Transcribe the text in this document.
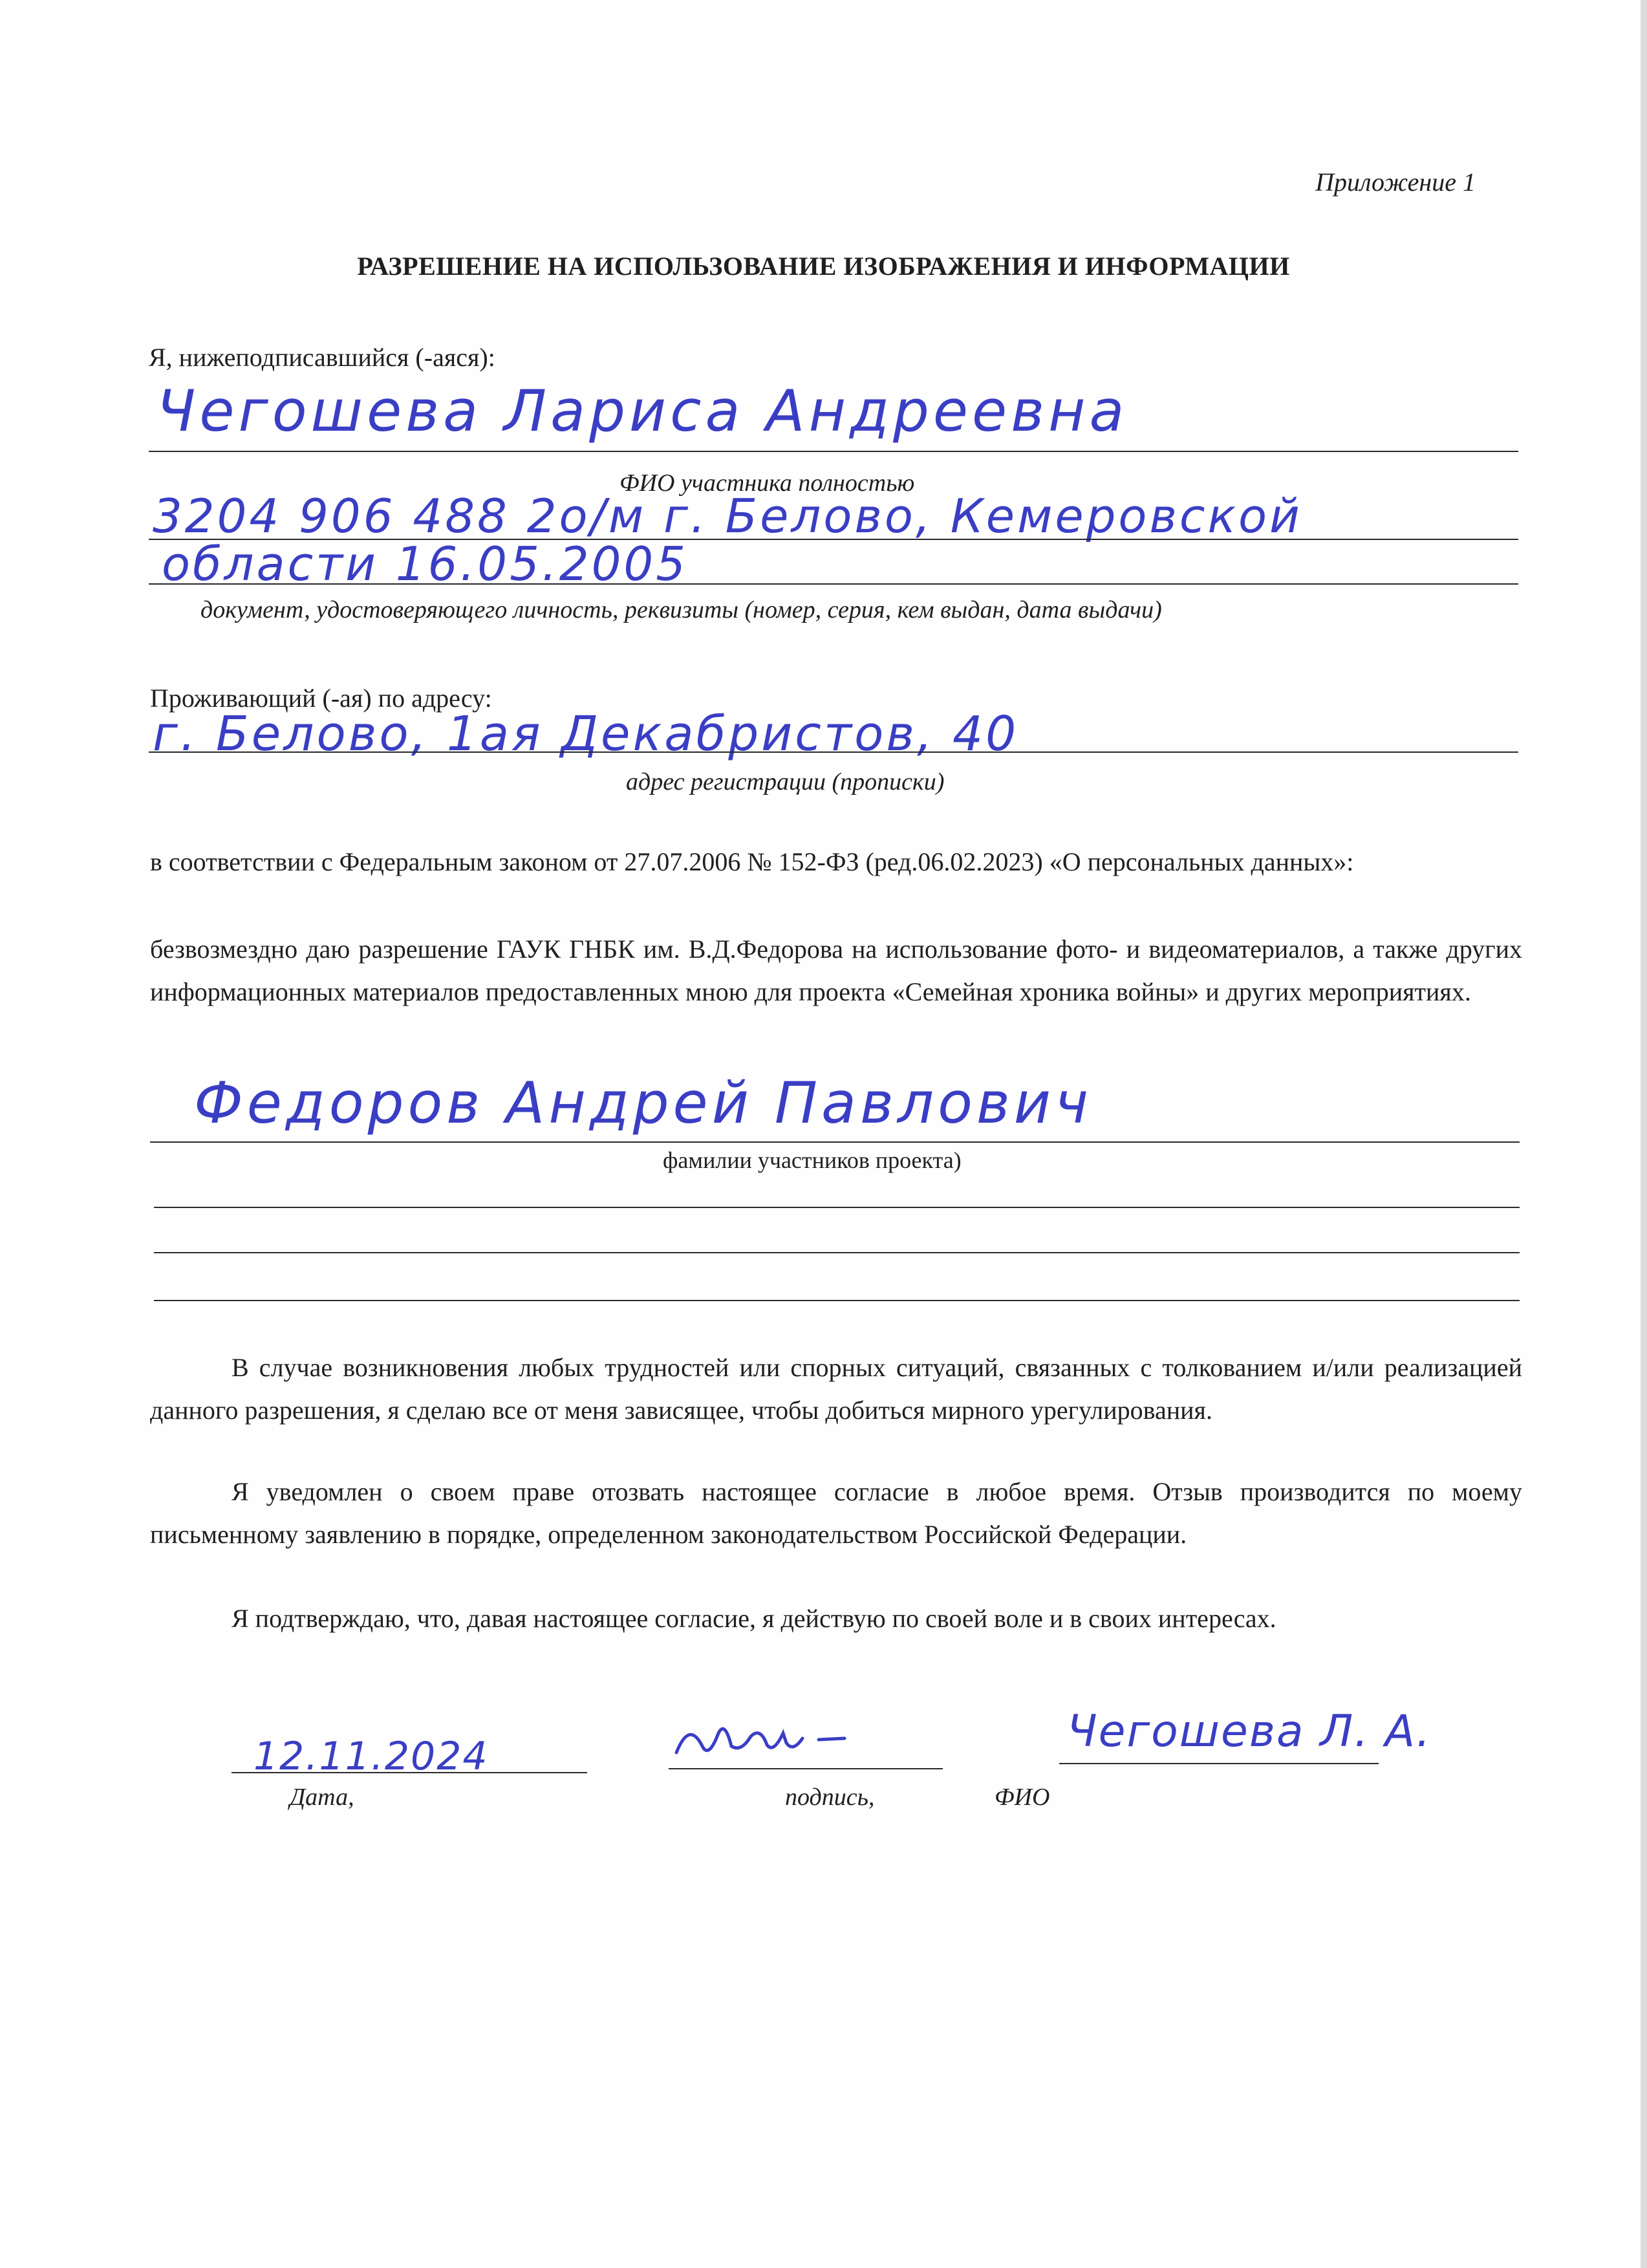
Приложение 1
РАЗРЕШЕНИЕ НА ИСПОЛЬЗОВАНИЕ ИЗОБРАЖЕНИЯ И ИНФОРМАЦИИ
Я, нижеподписавшийся (-аяся):
Чегошева Лариса Андреевна
ФИО участника полностью
3204 906 488 2о/м г. Белово, Кемеровской
области 16.05.2005
документ, удостоверяющего личность, реквизиты (номер, серия, кем выдан, дата выдачи)
Проживающий (-ая) по адресу:
г. Белово, 1ая Декабристов, 40
адрес регистрации (прописки)
в соответствии с Федеральным законом от 27.07.2006 № 152-ФЗ (ред.06.02.2023) «О персональных данных»:
безвозмездно даю разрешение ГАУК ГНБК им. В.Д.Федорова на использование фото- и видеоматериалов, а также других информационных материалов предоставленных мною для проекта «Семейная хроника войны» и других мероприятиях.
Федоров Андрей Павлович
фамилии участников проекта)
В случае возникновения любых трудностей или спорных ситуаций, связанных с толкованием и/или реализацией данного разрешения, я сделаю все от меня зависящее, чтобы добиться мирного урегулирования.
Я уведомлен о своем праве отозвать настоящее согласие в любое время. Отзыв производится по моему письменному заявлению в порядке, определенном законодательством Российской Федерации.
Я подтверждаю, что, давая настоящее согласие, я действую по своей воле и в своих интересах.
12.11.2024
Дата,	подпись,
Чегошева Л. А.
ФИО
